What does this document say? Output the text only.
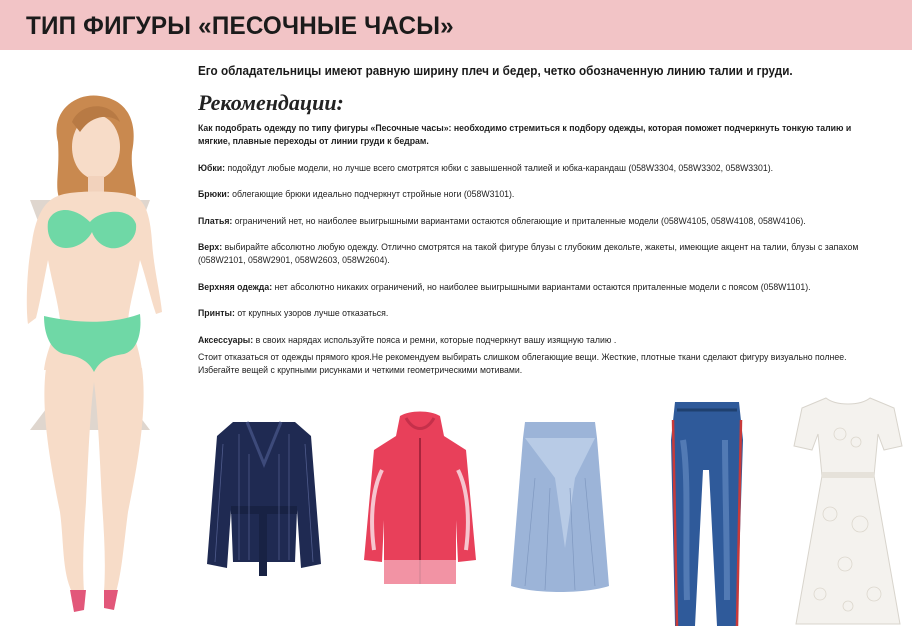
ТИП ФИГУРЫ «ПЕСОЧНЫЕ ЧАСЫ»
Его обладательницы имеют равную ширину плеч и бедер, четко обозначенную линию талии и груди.
Рекомендации:

Как подобрать одежду по типу фигуры «Песочные часы»: необходимо стремиться к подбору одежды, которая поможет подчеркнуть тонкую талию и мягкие, плавные переходы от линии груди к бедрам.

Юбки: подойдут любые модели, но лучше всего смотрятся юбки с завышенной талией и юбка-карандаш (058W3304, 058W3302, 058W3301).

Брюки: облегающие брюки идеально подчеркнут стройные ноги (058W3101).

Платья: ограничений нет, но наиболее выигрышными вариантами остаются облегающие и приталенные модели (058W4105, 058W4108, 058W4106).

Верх: выбирайте абсолютно любую одежду. Отлично смотрятся на такой фигуре блузы с глубоким декольте, жакеты, имеющие акцент на талии, блузы с запахом (058W2101, 058W2901, 058W2603, 058W2604).

Верхняя одежда: нет абсолютно никаких ограничений, но наиболее выигрышными вариантами остаются приталенные модели с поясом (058W1101).

Принты: от крупных узоров лучше отказаться.

Аксессуары: в своих нарядах используйте пояса и ремни, которые подчеркнут вашу изящную талию .

Стоит отказаться от одежды прямого кроя.Не рекомендуем выбирать слишком облегающие вещи. Жесткие, плотные ткани сделают фигуру визуально полнее. Избегайте вещей с крупными рисунками и четкими геометрическими мотивами.
